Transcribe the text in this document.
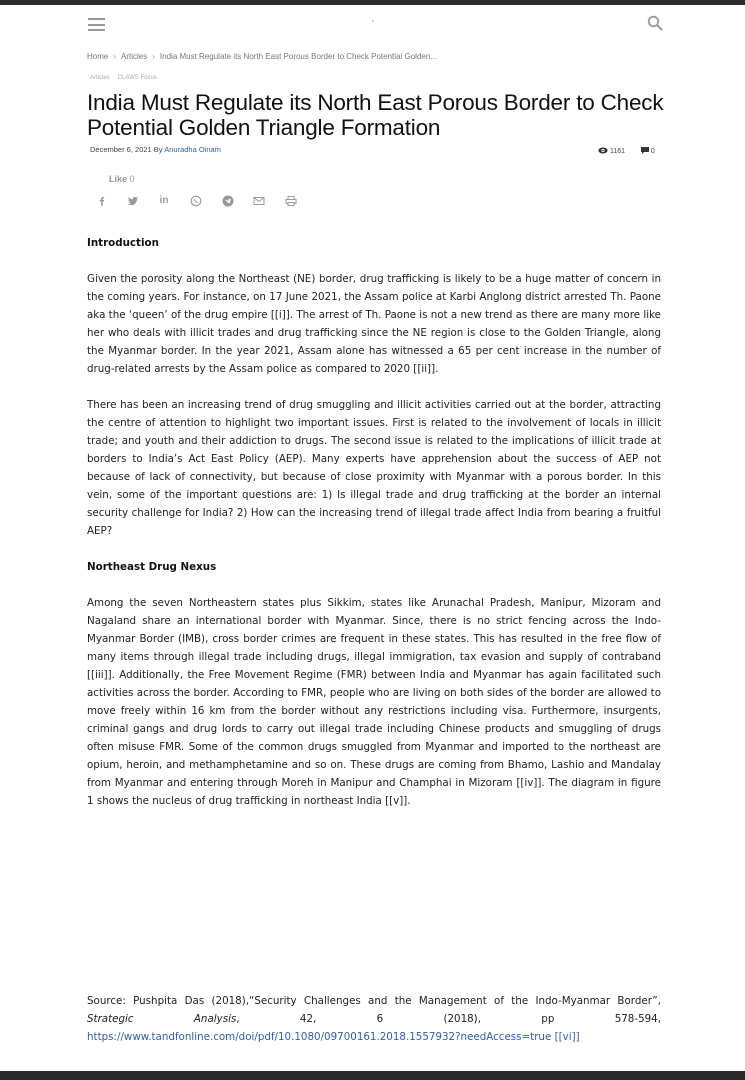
Home › Articles › India Must Regulate its North East Porous Border to Check Potential Golden...
Articles CLAWS Focus
India Must Regulate its North East Porous Border to Check Potential Golden Triangle Formation
December 6, 2021 By Anuradha Oinam	1161	0
Like 0
in
Introduction

Given the porosity along the Northeast (NE) border, drug trafficking is likely to be a huge matter of concern in the coming years. For instance, on 17 June 2021, the Assam police at Karbi Anglong district arrested Th. Paone aka the ‘queen’ of the drug empire [[i]]. The arrest of Th. Paone is not a new trend as there are many more like her who deals with illicit trades and drug trafficking since the NE region is close to the Golden Triangle, along the Myanmar border. In the year 2021, Assam alone has witnessed a 65 per cent increase in the number of drug-related arrests by the Assam police as compared to 2020 [[ii]].

There has been an increasing trend of drug smuggling and illicit activities carried out at the border, attracting the centre of attention to highlight two important issues. First is related to the involvement of locals in illicit trade; and youth and their addiction to drugs. The second issue is related to the implications of illicit trade at borders to India’s Act East Policy (AEP). Many experts have apprehension about the success of AEP not because of lack of connectivity, but because of close proximity with Myanmar with a porous border. In this vein, some of the important questions are: 1) Is illegal trade and drug trafficking at the border an internal security challenge for India? 2) How can the increasing trend of illegal trade affect India from bearing a fruitful AEP?

Northeast Drug Nexus

Among the seven Northeastern states plus Sikkim, states like Arunachal Pradesh, Manipur, Mizoram and Nagaland share an international border with Myanmar. Since, there is no strict fencing across the Indo-Myanmar Border (IMB), cross border crimes are frequent in these states. This has resulted in the free flow of many items through illegal trade including drugs, illegal immigration, tax evasion and supply of contraband [[iii]]. Additionally, the Free Movement Regime (FMR) between India and Myanmar has again facilitated such activities across the border. According to FMR, people who are living on both sides of the border are allowed to move freely within 16 km from the border without any restrictions including visa. Furthermore, insurgents, criminal gangs and drug lords to carry out illegal trade including Chinese products and smuggling of drugs often misuse FMR. Some of the common drugs smuggled from Myanmar and imported to the northeast are opium, heroin, and methamphetamine and so on. These drugs are coming from Bhamo, Lashio and Mandalay from Myanmar and entering through Moreh in Manipur and Champhai in Mizoram [[iv]]. The diagram in figure 1 shows the nucleus of drug trafficking in northeast India [[v]].

Source: Pushpita Das (2018),“Security Challenges and the Management of the Indo-Myanmar Border”, Strategic Analysis, 42, 6 (2018), pp 578-594, https://www.tandfonline.com/doi/pdf/10.1080/09700161.2018.1557932?needAccess=true [[vi]]
